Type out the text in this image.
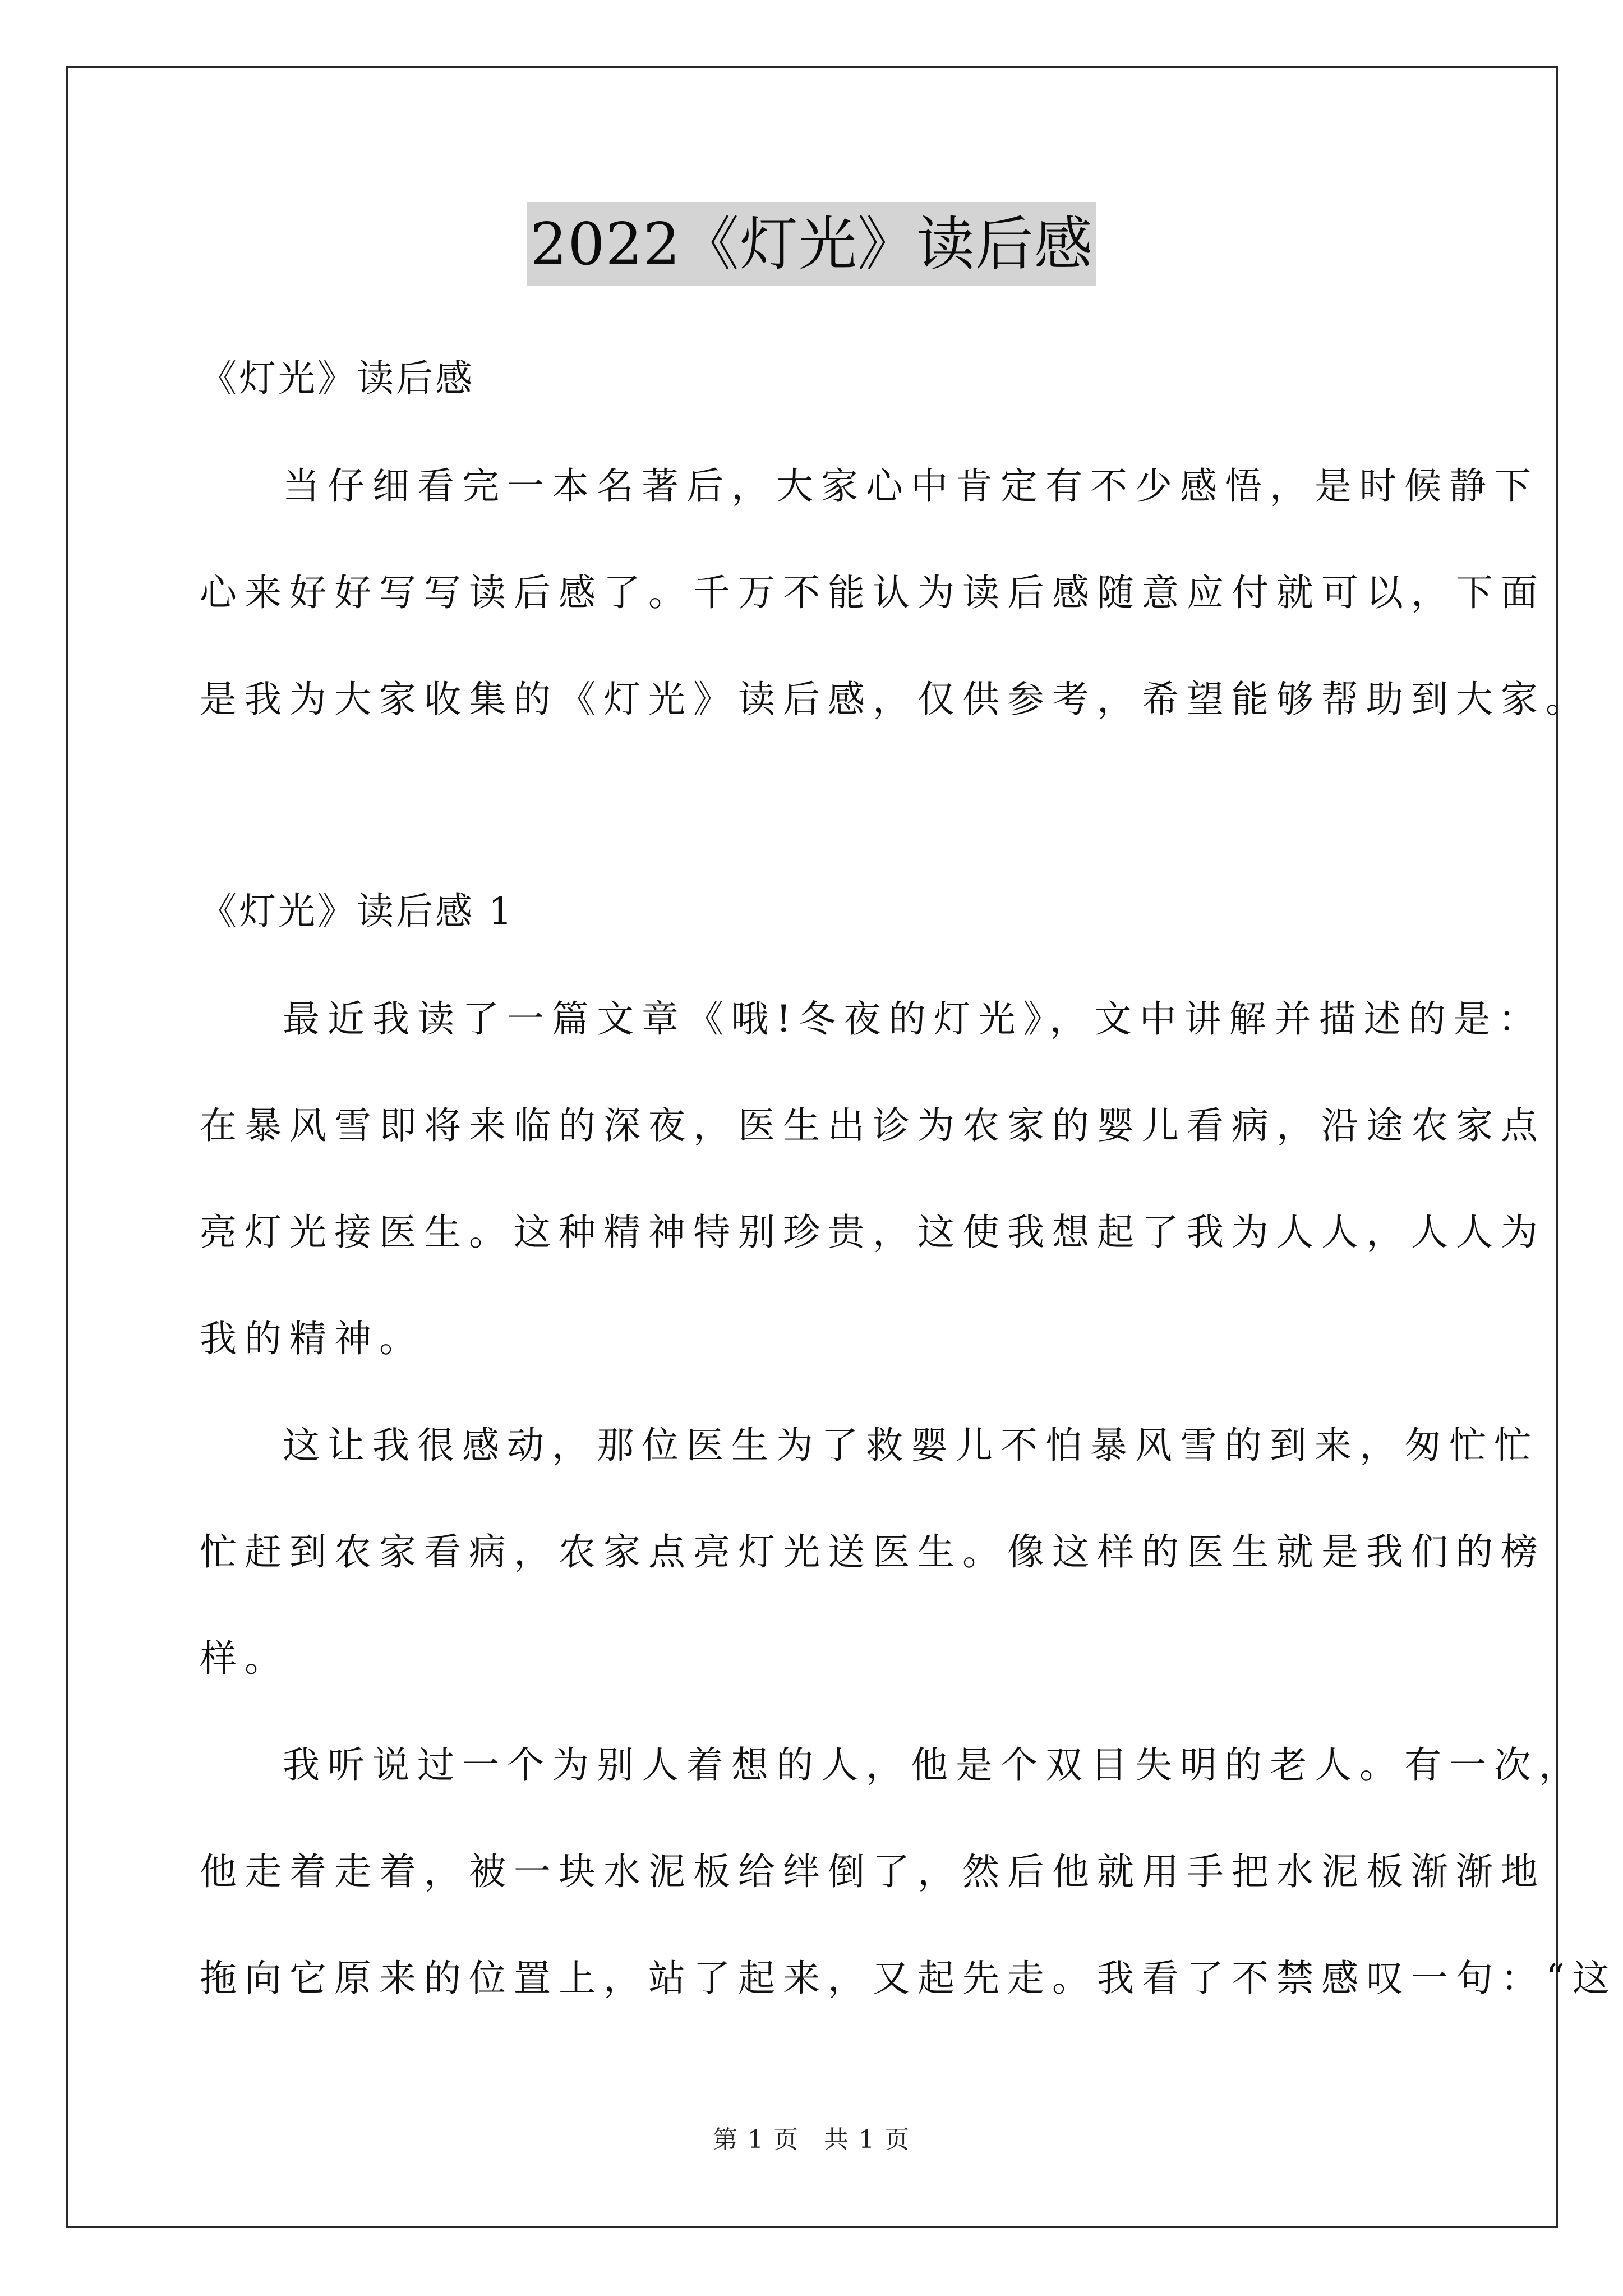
2022《灯光》读后感
《灯光》读后感
当仔细看完一本名著后，大家心中肯定有不少感悟，是时候静下
心来好好写写读后感了。千万不能认为读后感随意应付就可以，下面
是我为大家收集的《灯光》读后感，仅供参考，希望能够帮助到大家。
《灯光》读后感 1
最近我读了一篇文章《哦!冬夜的灯光》，文中讲解并描述的是：
在暴风雪即将来临的深夜，医生出诊为农家的婴儿看病，沿途农家点
亮灯光接医生。这种精神特别珍贵，这使我想起了我为人人，人人为
我的精神。
这让我很感动，那位医生为了救婴儿不怕暴风雪的到来，匆忙忙
忙赶到农家看病，农家点亮灯光送医生。像这样的医生就是我们的榜
样。
我听说过一个为别人着想的人，他是个双目失明的老人。有一次，
他走着走着，被一块水泥板给绊倒了，然后他就用手把水泥板渐渐地
拖向它原来的位置上，站了起来，又起先走。我看了不禁感叹一句：“这
第 1 页 共 1 页
